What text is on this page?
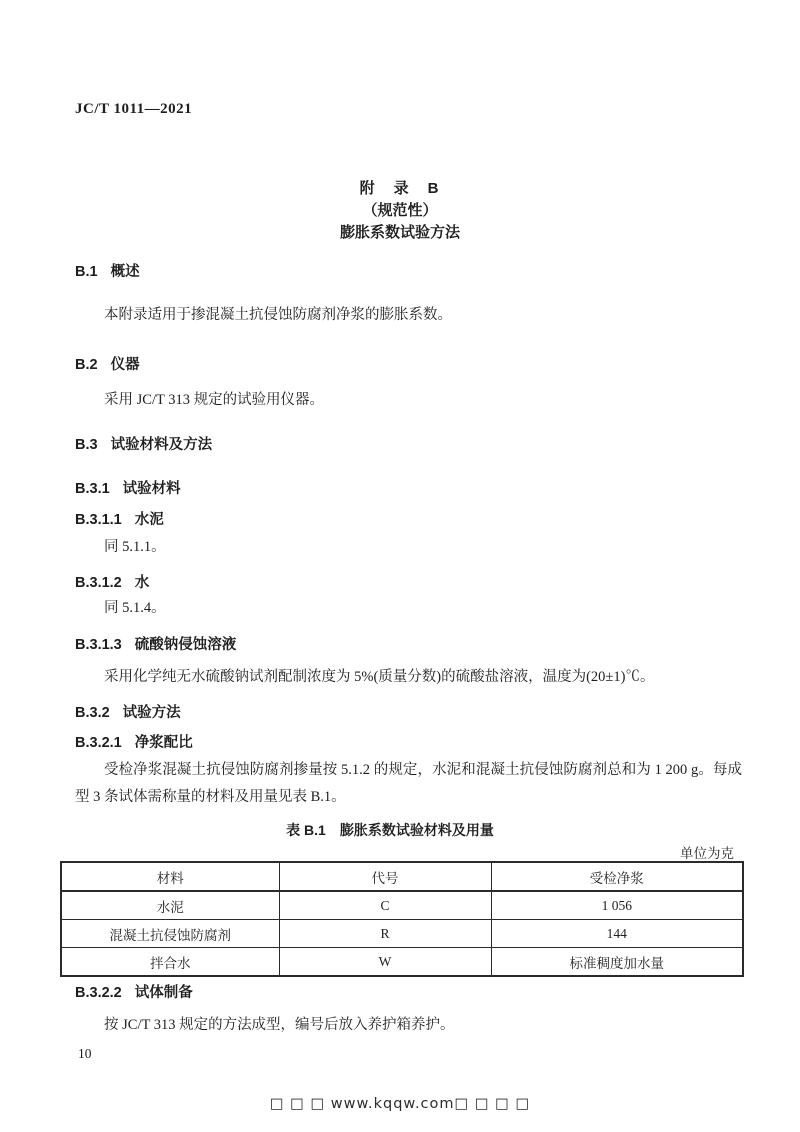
JC/T 1011—2021
附　录　B
（规范性）
膨胀系数试验方法
B.1 概述
本附录适用于掺混凝土抗侵蚀防腐剂净浆的膨胀系数。
B.2 仪器
采用 JC/T 313 规定的试验用仪器。
B.3 试验材料及方法
B.3.1 试验材料
B.3.1.1 水泥
同 5.1.1。
B.3.1.2 水
同 5.1.4。
B.3.1.3 硫酸钠侵蚀溶液
采用化学纯无水硫酸钠试剂配制浓度为 5%(质量分数)的硫酸盐溶液，温度为(20±1)℃。
B.3.2 试验方法
B.3.2.1 净浆配比
受检净浆混凝土抗侵蚀防腐剂掺量按 5.1.2 的规定，水泥和混凝土抗侵蚀防腐剂总和为 1 200 g。每成型 3 条试体需称量的材料及用量见表 B.1。
表 B.1 膨胀系数试验材料及用量
单位为克
材料	代号	受检净浆
水泥	C	1 056
混凝土抗侵蚀防腐剂	R	144
拌合水	W	标准稠度加水量
B.3.2.2 试体制备
按 JC/T 313 规定的方法成型，编号后放入养护箱养护。
10
□ □ □ www.kqqw.com□ □ □ □
